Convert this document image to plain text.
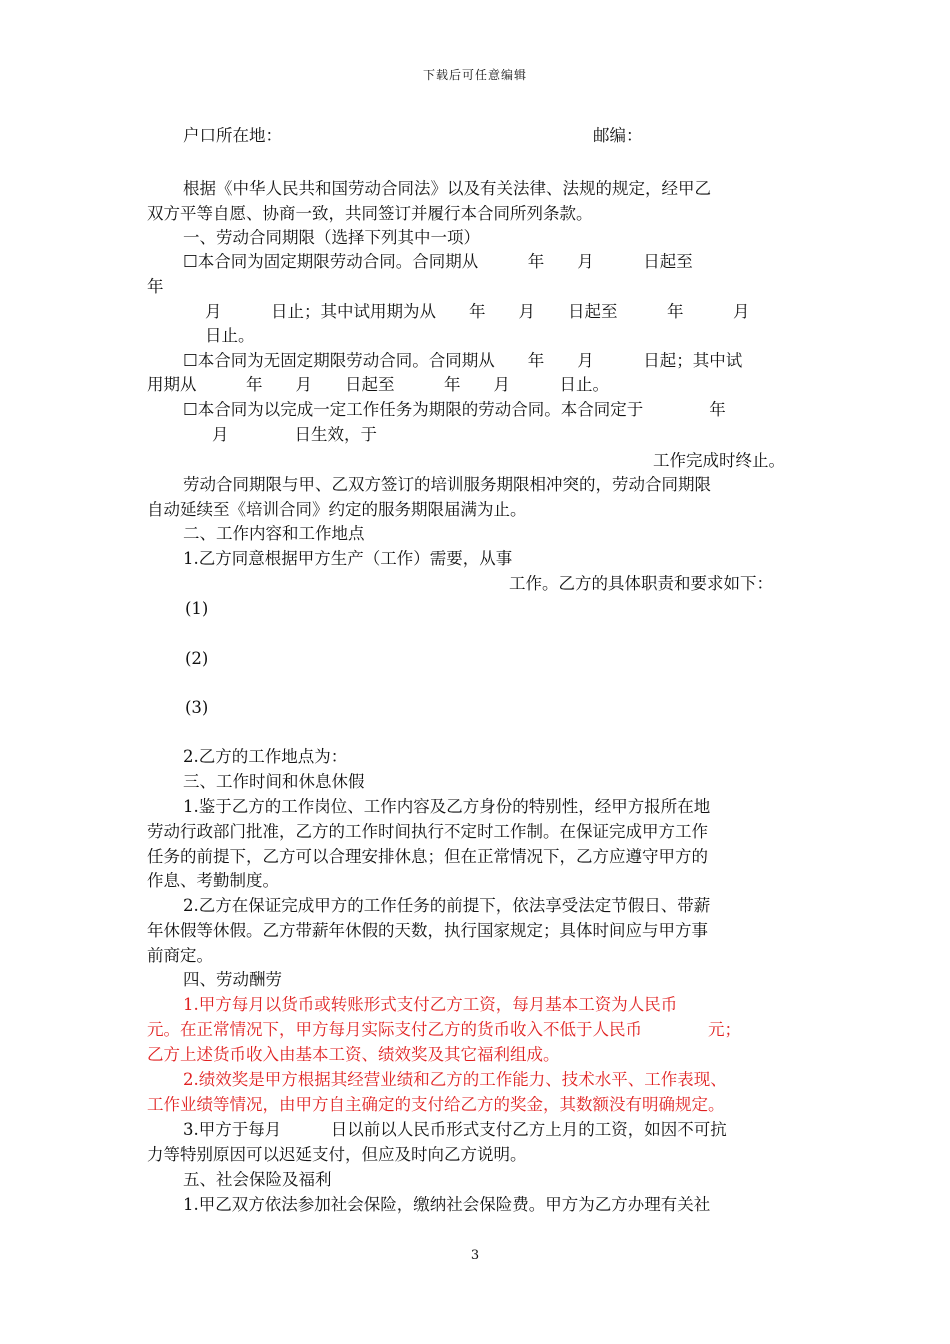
下载后可任意编辑
户口所在地：	邮编：
根据《中华人民共和国劳动合同法》以及有关法律、法规的规定，经甲乙
双方平等自愿、协商一致，共同签订并履行本合同所列条款。
一、劳动合同期限（选择下列其中一项）
☐本合同为固定期限劳动合同。合同期从　　　年　　月　　　日起至
年
月　　　日止；其中试用期为从　　年　　月　　日起至　　　年　　　月
日止。
☐本合同为无固定期限劳动合同。合同期从　　年　　月　　　日起；其中试
用期从　　　年　　月　　日起至　　　年　　月　　　日止。
☐本合同为以完成一定工作任务为期限的劳动合同。本合同定于　　　　年
月　　　　日生效，于
工作完成时终止。
劳动合同期限与甲、乙双方签订的培训服务期限相冲突的，劳动合同期限
自动延续至《培训合同》约定的服务期限届满为止。
二、工作内容和工作地点
1.乙方同意根据甲方生产（工作）需要，从事
工作。乙方的具体职责和要求如下：
(1)
(2)
(3)
2.乙方的工作地点为：
三、工作时间和休息休假
1.鉴于乙方的工作岗位、工作内容及乙方身份的特别性，经甲方报所在地
劳动行政部门批准，乙方的工作时间执行不定时工作制。在保证完成甲方工作
任务的前提下，乙方可以合理安排休息；但在正常情况下，乙方应遵守甲方的
作息、考勤制度。
2.乙方在保证完成甲方的工作任务的前提下，依法享受法定节假日、带薪
年休假等休假。乙方带薪年休假的天数，执行国家规定；具体时间应与甲方事
前商定。
四、劳动酬劳
1.甲方每月以货币或转账形式支付乙方工资，每月基本工资为人民币
元。在正常情况下，甲方每月实际支付乙方的货币收入不低于人民币　　　　元；
乙方上述货币收入由基本工资、绩效奖及其它福利组成。
2.绩效奖是甲方根据其经营业绩和乙方的工作能力、技术水平、工作表现、
工作业绩等情况，由甲方自主确定的支付给乙方的奖金，其数额没有明确规定。
3.甲方于每月　　　日以前以人民币形式支付乙方上月的工资，如因不可抗
力等特别原因可以迟延支付，但应及时向乙方说明。
五、社会保险及福利
1.甲乙双方依法参加社会保险，缴纳社会保险费。甲方为乙方办理有关社
3
